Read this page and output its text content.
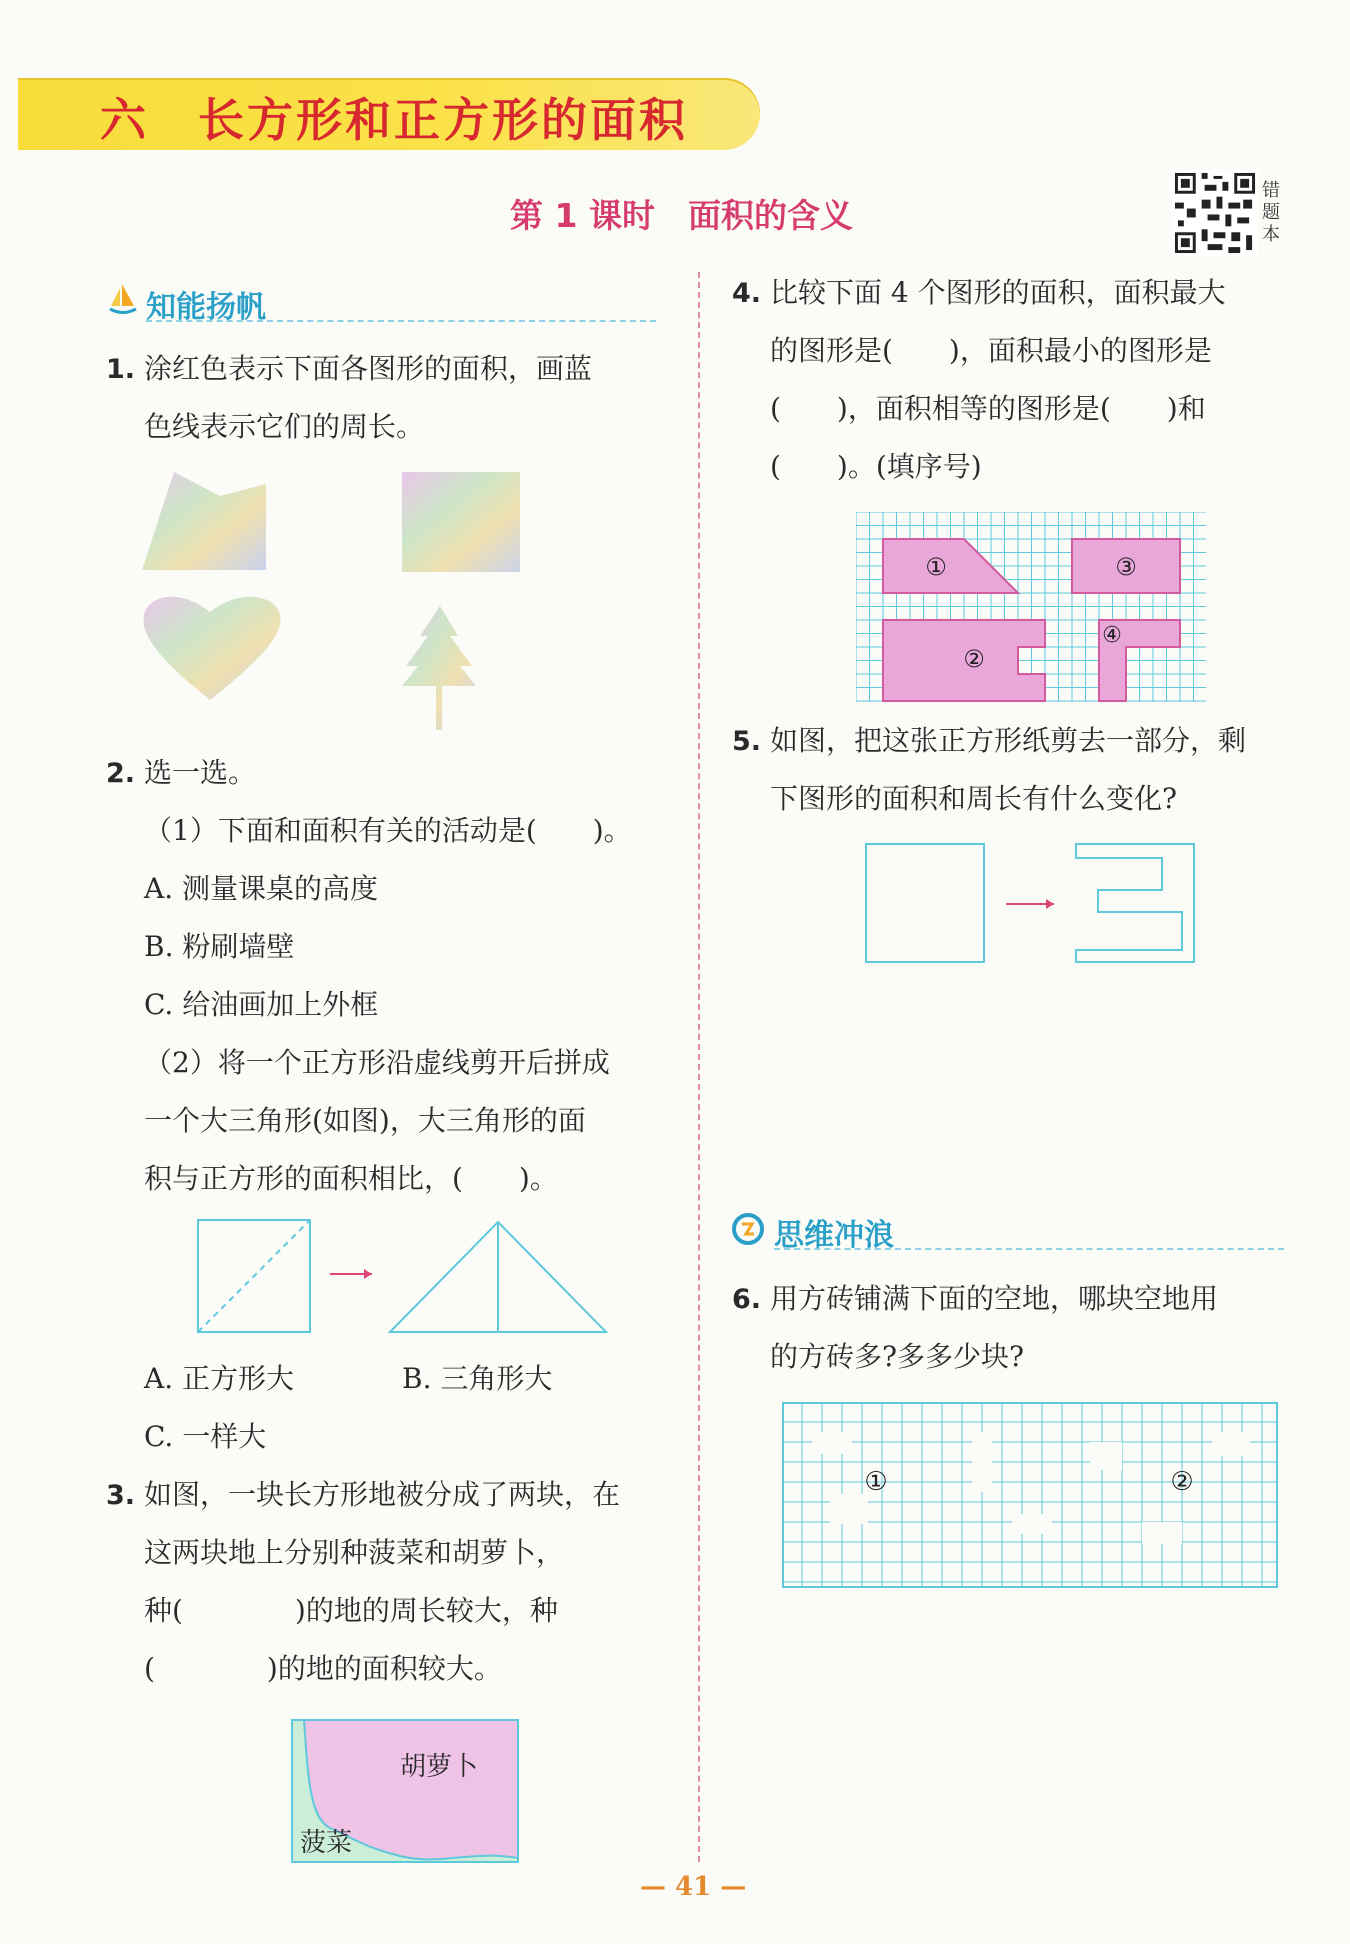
六　长方形和正方形的面积
第 1 课时　面积的含义
错题本
知能扬帆
1. 涂红色表示下面各图形的面积，画蓝
色线表示它们的周长。
2. 选一选。
（1）下面和面积有关的活动是(　　)。
A. 测量课桌的高度
B. 粉刷墙壁
C. 给油画加上外框
（2）将一个正方形沿虚线剪开后拼成
一个大三角形(如图)，大三角形的面
积与正方形的面积相比，(　　)。
A. 正方形大	B. 三角形大
C. 一样大
3. 如图，一块长方形地被分成了两块，在
这两块地上分别种菠菜和胡萝卜，
种(　　　　)的地的周长较大，种
(　　　　)的地的面积较大。
胡萝卜
菠菜
4. 比较下面 4 个图形的面积，面积最大
的图形是(　　)，面积最小的图形是
(　　)，面积相等的图形是(　　)和
(　　)。(填序号)
①
②
③
④
5. 如图，把这张正方形纸剪去一部分，剩
下图形的面积和周长有什么变化?
思维冲浪
6. 用方砖铺满下面的空地，哪块空地用
的方砖多?多多少块?
①	②
— 41 —
